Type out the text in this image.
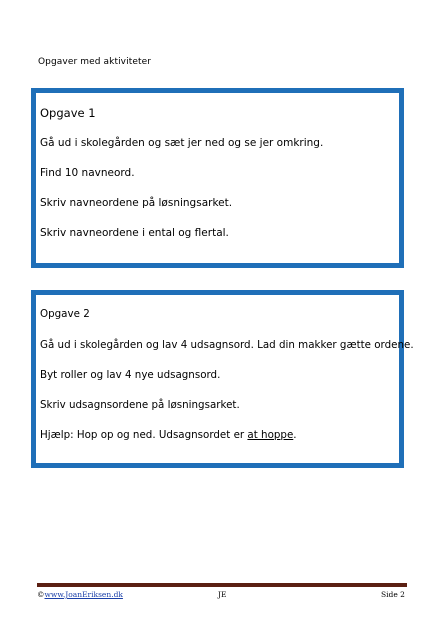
Opgaver med aktiviteter
Opgave 1
Gå ud i skolegården og sæt jer ned og se jer omkring.
Find 10 navneord.
Skriv navneordene på løsningsarket.
Skriv navneordene i ental og flertal.
Opgave 2
Gå ud i skolegården og lav 4 udsagnsord. Lad din makker gætte ordene.
Byt roller og lav 4 nye udsagnsord.
Skriv udsagnsordene på løsningsarket.
Hjælp: Hop op og ned. Udsagnsordet er at hoppe.
©www.JoanEriksen.dk	JE	Side 2
